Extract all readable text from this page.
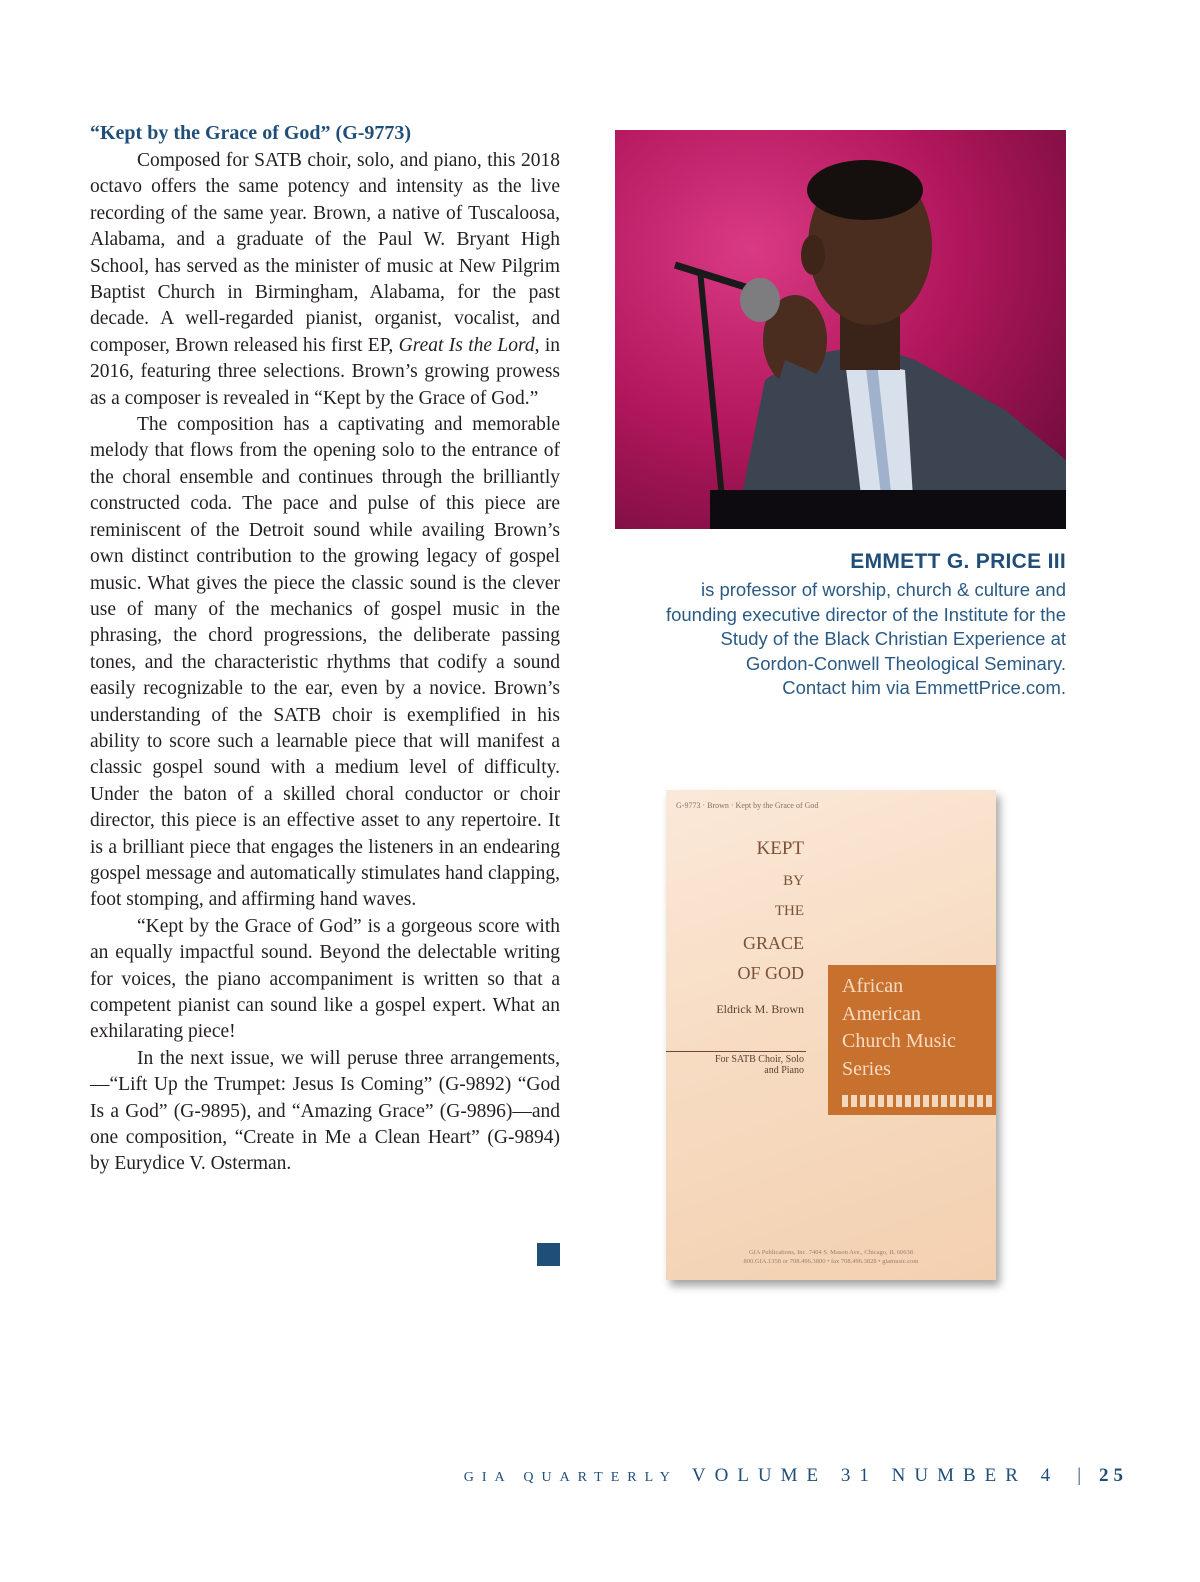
“Kept by the Grace of God” (G-9773)

Composed for SATB choir, solo, and piano, this 2018 octavo offers the same potency and intensity as the live recording of the same year. Brown, a native of Tuscaloosa, Alabama, and a graduate of the Paul W. Bryant High School, has served as the minister of music at New Pilgrim Baptist Church in Birmingham, Alabama, for the past decade. A well-regarded pianist, organist, vocalist, and composer, Brown released his first EP, Great Is the Lord, in 2016, featuring three selections. Brown’s growing prowess as a composer is revealed in “Kept by the Grace of God.”

The composition has a captivating and memorable melody that flows from the opening solo to the entrance of the choral ensemble and continues through the brilliantly constructed coda. The pace and pulse of this piece are reminiscent of the Detroit sound while availing Brown’s own distinct contribution to the growing legacy of gospel music. What gives the piece the classic sound is the clever use of many of the mechanics of gospel music in the phrasing, the chord progressions, the deliberate passing tones, and the characteristic rhythms that codify a sound easily recognizable to the ear, even by a novice. Brown’s understanding of the SATB choir is exemplified in his ability to score such a learnable piece that will manifest a classic gospel sound with a medium level of difficulty. Under the baton of a skilled choral conductor or choir director, this piece is an effective asset to any repertoire. It is a brilliant piece that engages the listeners in an endearing gospel message and automatically stimulates hand clapping, foot stomping, and affirming hand waves.

“Kept by the Grace of God” is a gorgeous score with an equally impactful sound. Beyond the delectable writing for voices, the piano accompaniment is written so that a competent pianist can sound like a gospel expert. What an exhilarating piece!

In the next issue, we will peruse three arrangements,—“Lift Up the Trumpet: Jesus Is Coming” (G-9892) “God Is a God” (G-9895), and “Amazing Grace” (G-9896)—and one composition, “Create in Me a Clean Heart” (G-9894) by Eurydice V. Osterman.

EMMETT G. PRICE III

is professor of worship, church & culture and

founding executive director of the Institute for the

Study of the Black Christian Experience at

Gordon-Conwell Theological Seminary.

Contact him via EmmettPrice.com.

G-9773 · Brown · Kept by the Grace of God
KEPT
BY
THE
GRACE
OF GOD
Eldrick M. Brown
For SATB Choir, Solo
and Piano
African
American
Church Music
Series
GIA Publications, Inc. 7404 S. Mason Ave., Chicago, IL 60638
800.GIA.1358 or 708.496.3800 • fax 708.496.3828 • giamusic.com
GIA QUARTERLY VOLUME 31 NUMBER 4 | 25
